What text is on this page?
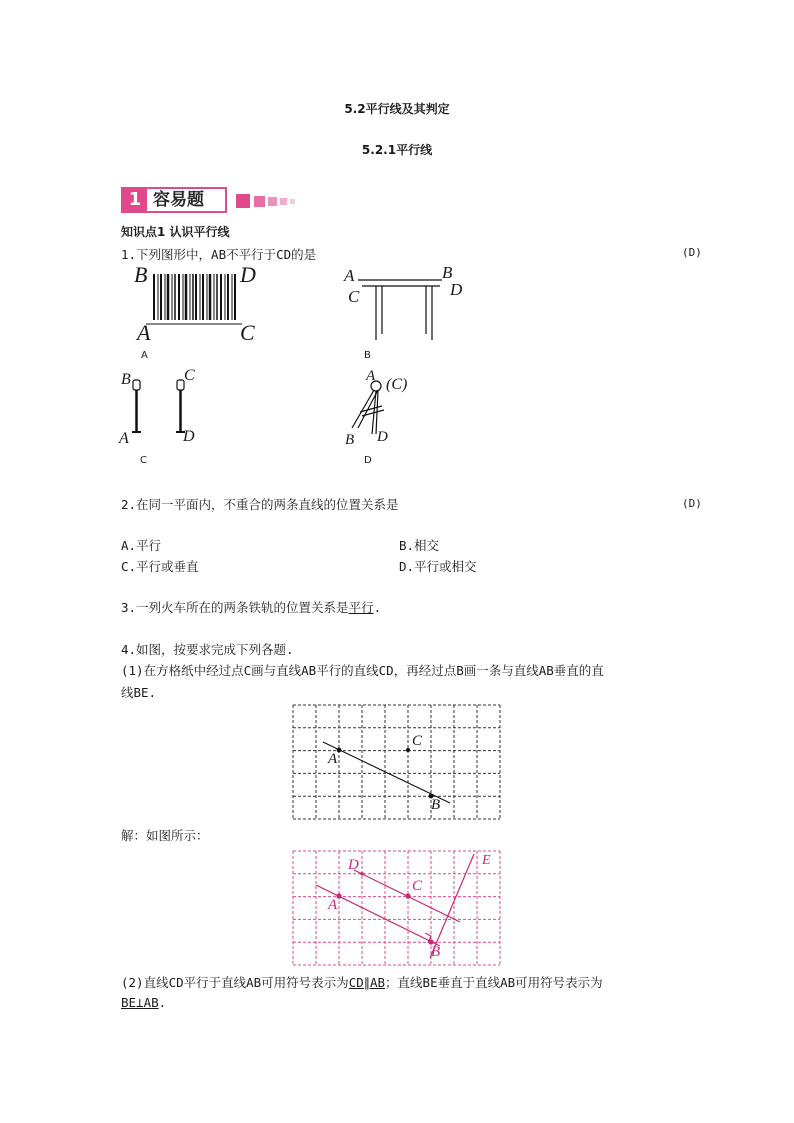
5.2平行线及其判定
5.2.1平行线
1 容易题
知识点1 认识平行线
1.下列图形中，AB不平行于CD的是	(D)
B	D
A	C
A
A	B
C	D
B
B	C
A	D
C
A (C)
B D
D
2.在同一平面内，不重合的两条直线的位置关系是	(D)
A.平行	B.相交
C.平行或垂直	D.平行或相交
3.一列火车所在的两条铁轨的位置关系是平行.
4.如图，按要求完成下列各题.
(1)在方格纸中经过点C画与直线AB平行的直线CD，再经过点B画一条与直线AB垂直的直
线BE.
C
A
B
解：如图所示：
D
C
E
A
B
(2)直线CD平行于直线AB可用符号表示为CD∥AB；直线BE垂直于直线AB可用符号表示为
BE⊥AB.
